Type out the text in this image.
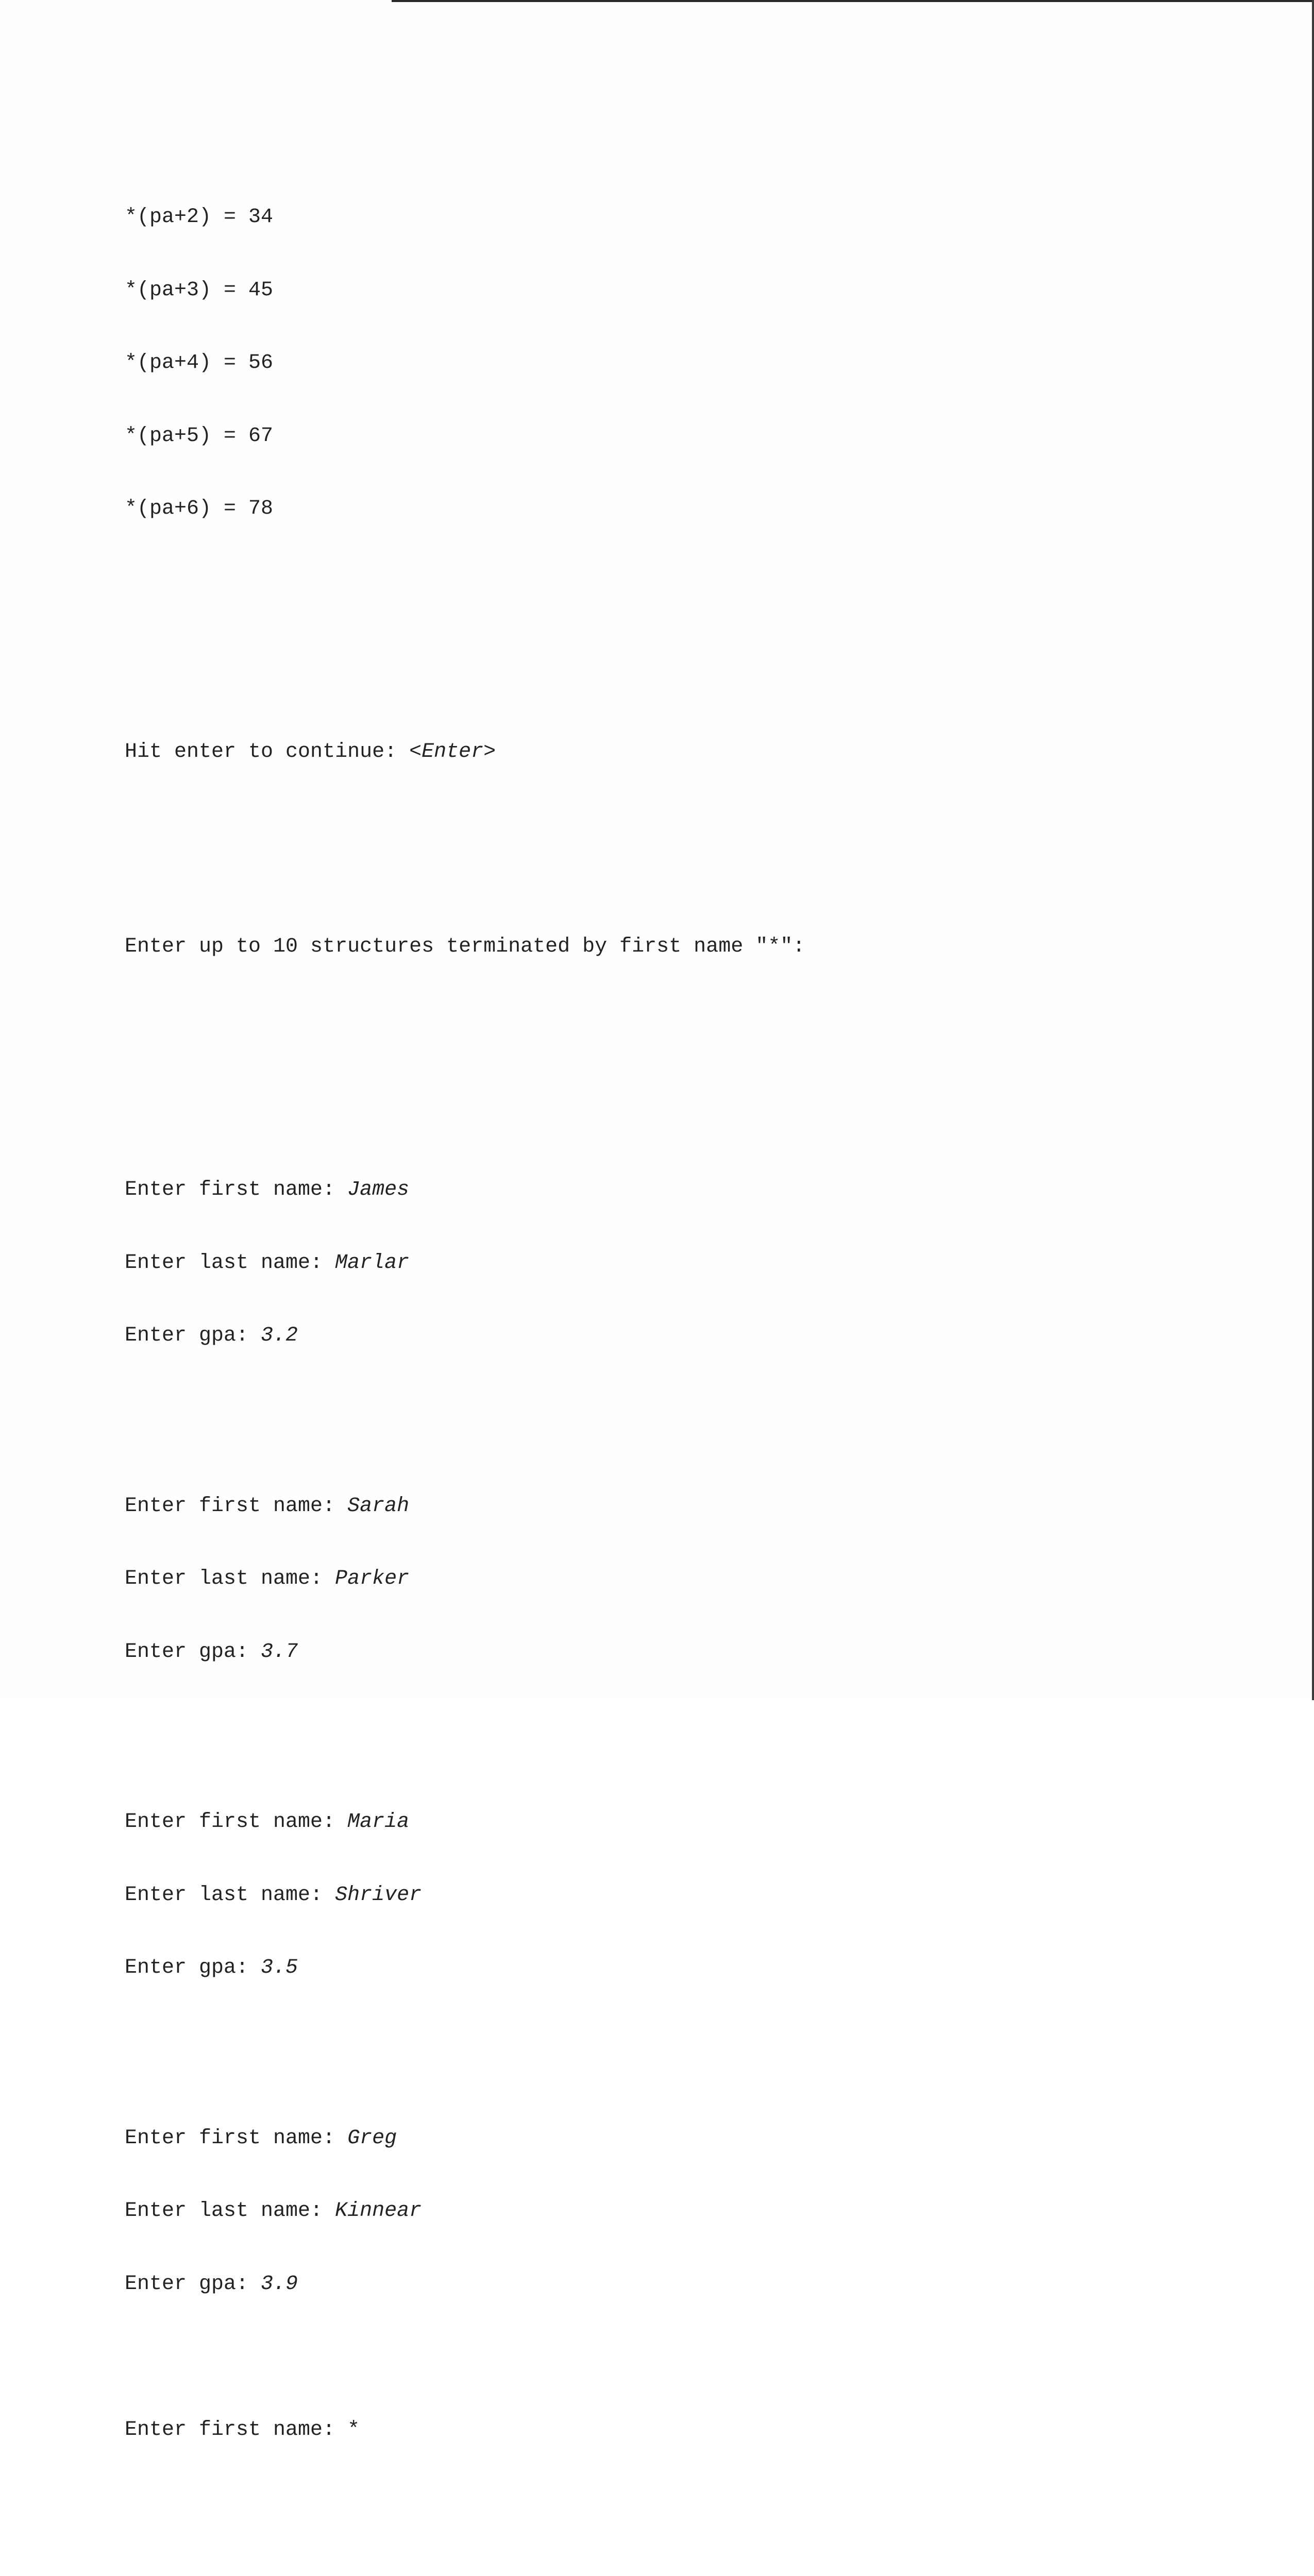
*(pa+2) = 34

*(pa+3) = 45

*(pa+4) = 56

*(pa+5) = 67

*(pa+6) = 78

Hit enter to continue: <Enter>

Enter up to 10 structures terminated by first name "*":

Enter first name: James

Enter last name: Marlar

Enter gpa: 3.2

Enter first name: Sarah

Enter last name: Parker

Enter gpa: 3.7

Enter first name: Maria

Enter last name: Shriver

Enter gpa: 3.5

Enter first name: Greg

Enter last name: Kinnear

Enter gpa: 3.9

Enter first name: *
